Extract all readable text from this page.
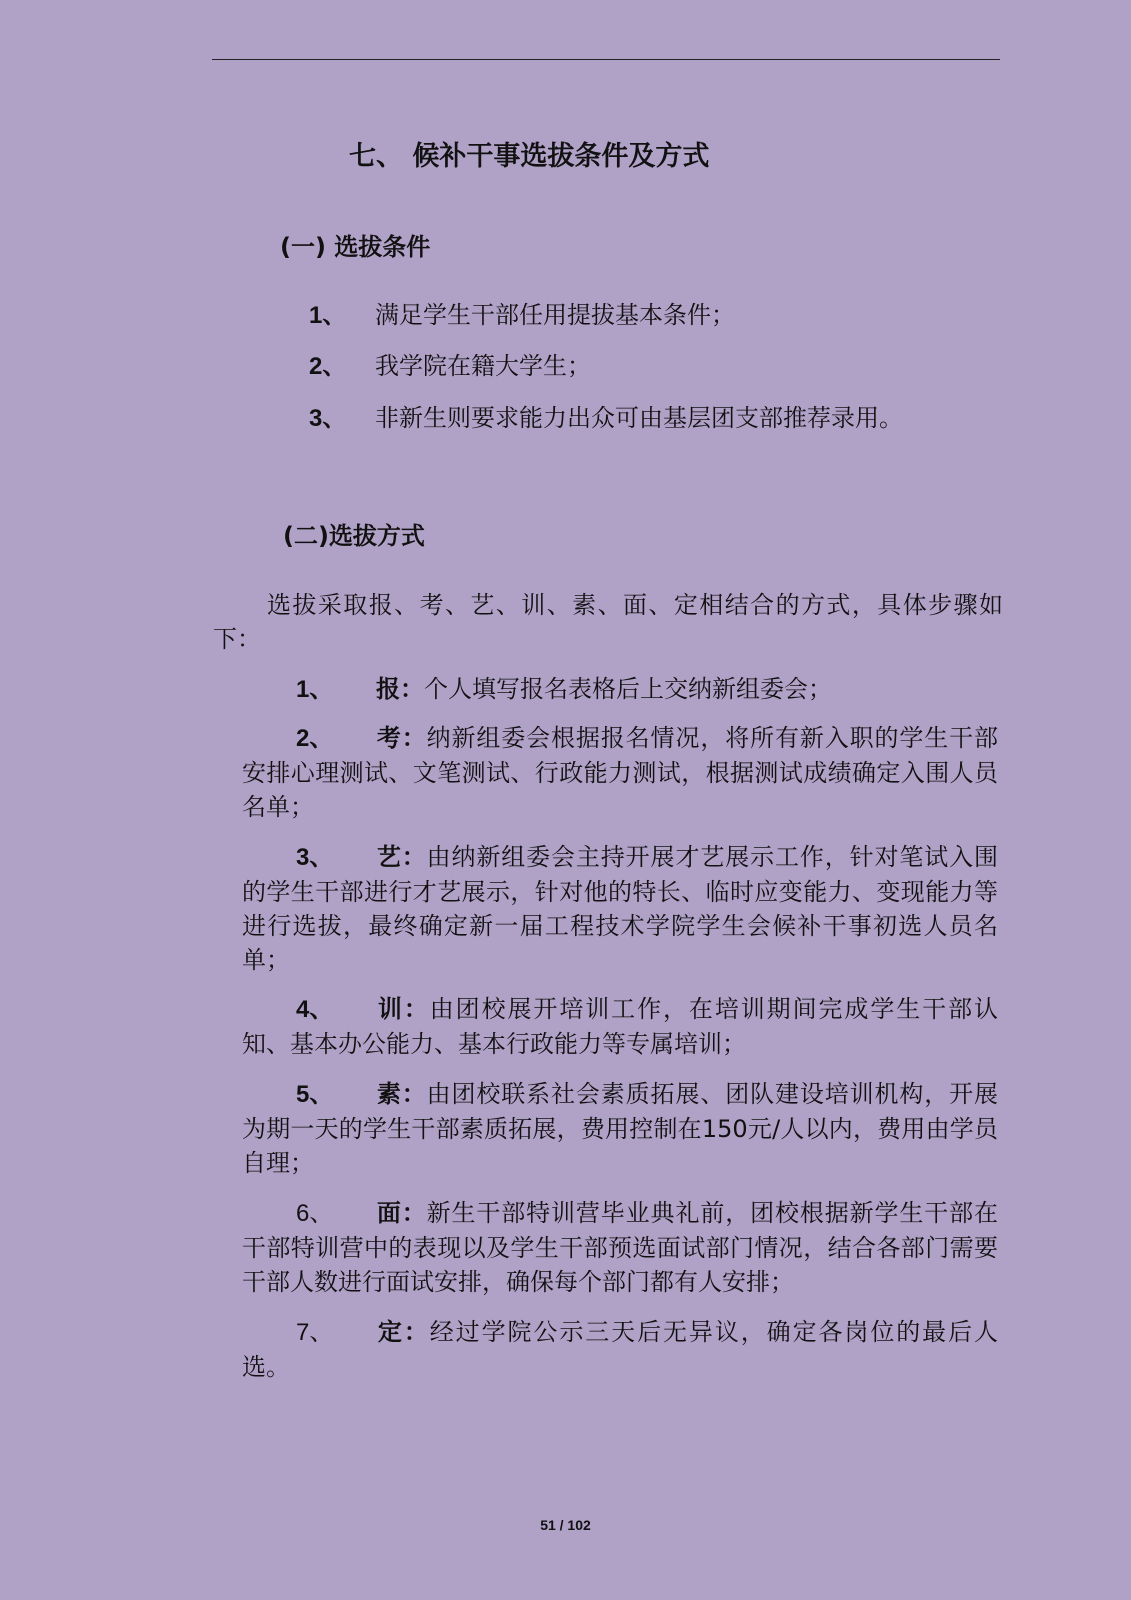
七、 候补干事选拔条件及方式
(一) 选拔条件
1、 满足学生干部任用提拔基本条件；
2、 我学院在籍大学生；
3、 非新生则要求能力出众可由基层团支部推荐录用。
(二)选拔方式
选拔采取报、考、艺、训、素、面、定相结合的方式，具体步骤如下：
1、 报：个人填写报名表格后上交纳新组委会；
2、 考：纳新组委会根据报名情况，将所有新入职的学生干部安排心理测试、文笔测试、行政能力测试，根据测试成绩确定入围人员名单；
3、 艺：由纳新组委会主持开展才艺展示工作，针对笔试入围的学生干部进行才艺展示，针对他的特长、临时应变能力、变现能力等进行选拔，最终确定新一届工程技术学院学生会候补干事初选人员名单；
4、 训：由团校展开培训工作，在培训期间完成学生干部认知、基本办公能力、基本行政能力等专属培训；
5、 素：由团校联系社会素质拓展、团队建设培训机构，开展为期一天的学生干部素质拓展，费用控制在150元/人以内，费用由学员自理；
6、 面：新生干部特训营毕业典礼前，团校根据新学生干部在干部特训营中的表现以及学生干部预选面试部门情况，结合各部门需要干部人数进行面试安排，确保每个部门都有人安排；
7、 定：经过学院公示三天后无异议，确定各岗位的最后人选。
51 / 102
